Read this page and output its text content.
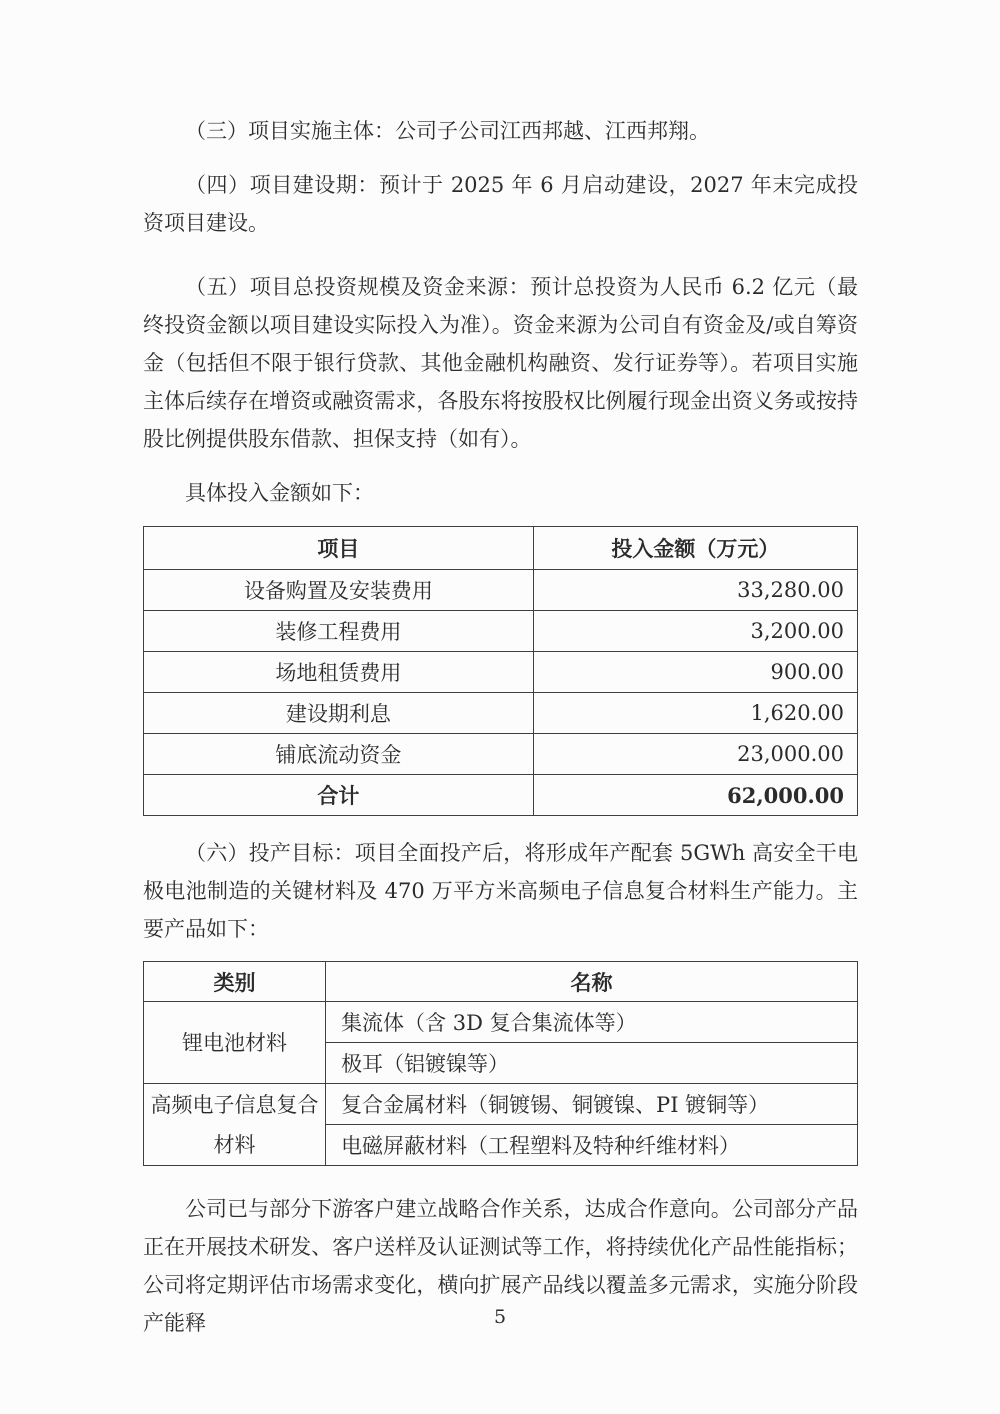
（三）项目实施主体：公司子公司江西邦越、江西邦翔。

（四）项目建设期：预计于 2025 年 6 月启动建设，2027 年末完成投资项目建设。

（五）项目总投资规模及资金来源：预计总投资为人民币 6.2 亿元（最终投资金额以项目建设实际投入为准）。资金来源为公司自有资金及/或自筹资金（包括但不限于银行贷款、其他金融机构融资、发行证券等）。若项目实施主体后续存在增资或融资需求，各股东将按股权比例履行现金出资义务或按持股比例提供股东借款、担保支持（如有）。

具体投入金额如下：

项目	投入金额（万元）
设备购置及安装费用	33,280.00
装修工程费用	3,200.00
场地租赁费用	900.00
建设期利息	1,620.00
铺底流动资金	23,000.00
合计	62,000.00

（六）投产目标：项目全面投产后，将形成年产配套 5GWh 高安全干电极电池制造的关键材料及 470 万平方米高频电子信息复合材料生产能力。主要产品如下：

类别	名称
锂电池材料	集流体（含 3D 复合集流体等）
	极耳（铝镀镍等）
高频电子信息复合材料	复合金属材料（铜镀锡、铜镀镍、PI 镀铜等）
	电磁屏蔽材料（工程塑料及特种纤维材料）

公司已与部分下游客户建立战略合作关系，达成合作意向。公司部分产品正在开展技术研发、客户送样及认证测试等工作，将持续优化产品性能指标；公司将定期评估市场需求变化，横向扩展产品线以覆盖多元需求，实施分阶段产能释	5
